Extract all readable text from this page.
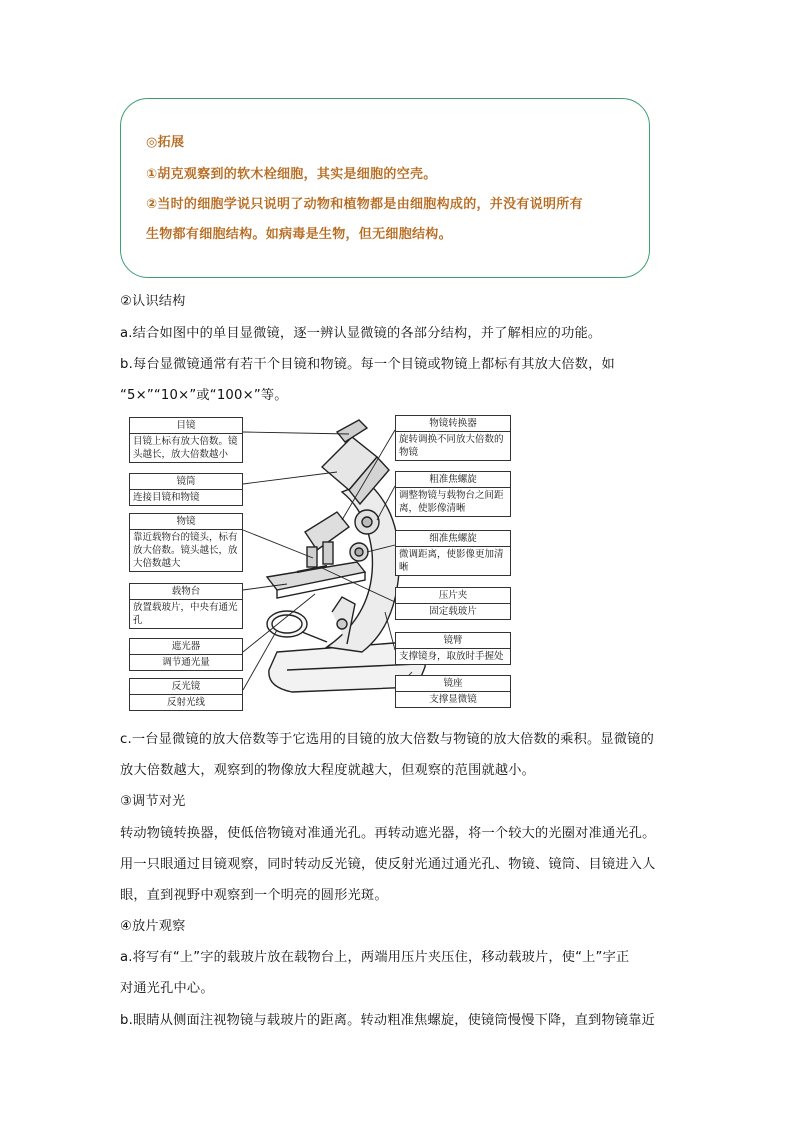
◎拓展

①胡克观察到的软木栓细胞，其实是细胞的空壳。

②当时的细胞学说只说明了动物和植物都是由细胞构成的，并没有说明所有

生物都有细胞结构。如病毒是生物，但无细胞结构。

②认识结构

a.结合如图中的单目显微镜，逐一辨认显微镜的各部分结构，并了解相应的功能。

b.每台显微镜通常有若干个目镜和物镜。每一个目镜或物镜上都标有其放大倍数，如

“5×”“10×”或“100×”等。

目镜
目镜上标有放大倍数。镜头越长，放大倍数越小
镜筒
连接目镜和物镜
物镜
靠近载物台的镜头，标有放大倍数。镜头越长，放大倍数越大
载物台
放置载玻片，中央有通光孔
遮光器
调节通光量
反光镜
反射光线
物镜转换器
旋转调换不同放大倍数的物镜
粗准焦螺旋
调整物镜与载物台之间距离，使影像清晰
细准焦螺旋
微调距离，使影像更加清晰
压片夹
固定载玻片
镜臂
支撑镜身，取放时手握处
镜座
支撑显微镜

c.一台显微镜的放大倍数等于它选用的目镜的放大倍数与物镜的放大倍数的乘积。显微镜的

放大倍数越大，观察到的物像放大程度就越大，但观察的范围就越小。

③调节对光

转动物镜转换器，使低倍物镜对准通光孔。再转动遮光器，将一个较大的光圈对准通光孔。

用一只眼通过目镜观察，同时转动反光镜，使反射光通过通光孔、物镜、镜筒、目镜进入人

眼，直到视野中观察到一个明亮的圆形光斑。

④放片观察

a.将写有“上”字的载玻片放在载物台上，两端用压片夹压住，移动载玻片，使“上”字正

对通光孔中心。

b.眼睛从侧面注视物镜与载玻片的距离。转动粗准焦螺旋，使镜筒慢慢下降，直到物镜靠近
